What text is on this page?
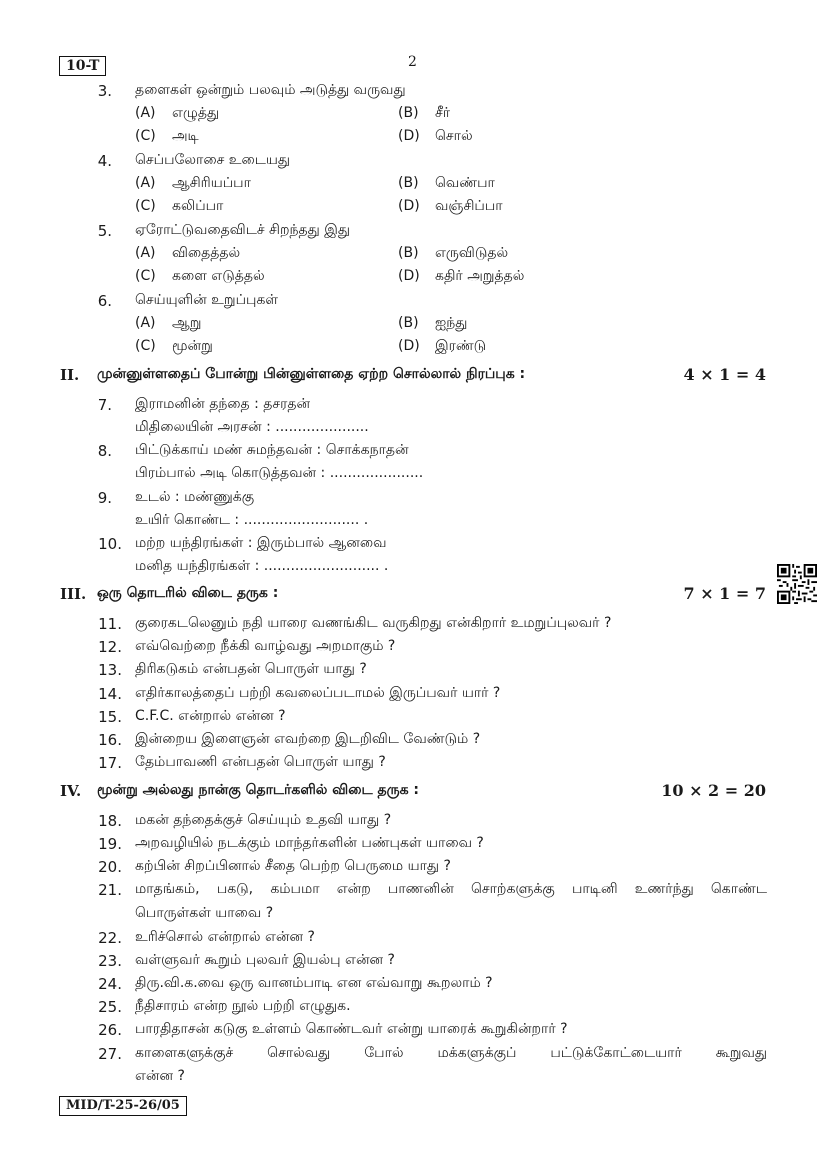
10-T	2
3. தளைகள் ஒன்றும் பலவும் அடுத்து வருவது
(A) எழுத்து	(B) சீர்
(C) அடி	(D) சொல்
4. செப்பலோசை உடையது
(A) ஆசிரியப்பா	(B) வெண்பா
(C) கலிப்பா	(D) வஞ்சிப்பா
5. ஏரோட்டுவதைவிடச் சிறந்தது இது
(A) விதைத்தல்	(B) எருவிடுதல்
(C) களை எடுத்தல்	(D) கதிர் அறுத்தல்
6. செய்யுளின் உறுப்புகள்
(A) ஆறு	(B) ஐந்து
(C) மூன்று	(D) இரண்டு
II. முன்னுள்ளதைப் போன்று பின்னுள்ளதை ஏற்ற சொல்லால் நிரப்புக :	4 × 1 = 4
7. இராமனின் தந்தை : தசரதன்
மிதிலையின் அரசன் : .....................
8. பிட்டுக்காய் மண் சுமந்தவன் : சொக்கநாதன்
பிரம்பால் அடி கொடுத்தவன் : .....................
9. உடல் : மண்ணுக்கு
உயிர் கொண்ட : .......................... .
10. மற்ற யந்திரங்கள் : இரும்பால் ஆனவை
மனித யந்திரங்கள் : .......................... .
III. ஒரு தொடரில் விடை தருக :	7 × 1 = 7
11. குரைகடலெனும் நதி யாரை வணங்கிட வருகிறது என்கிறார் உமறுப்புலவர் ?
12. எவ்வெற்றை நீக்கி வாழ்வது அறமாகும் ?
13. திரிகடுகம் என்பதன் பொருள் யாது ?
14. எதிர்காலத்தைப் பற்றி கவலைப்படாமல் இருப்பவர் யார் ?
15. C.F.C. என்றால் என்ன ?
16. இன்றைய இளைஞன் எவற்றை இடறிவிட வேண்டும் ?
17. தேம்பாவணி என்பதன் பொருள் யாது ?
IV. மூன்று அல்லது நான்கு தொடர்களில் விடை தருக :	10 × 2 = 20
18. மகன் தந்தைக்குச் செய்யும் உதவி யாது ?
19. அறவழியில் நடக்கும் மாந்தர்களின் பண்புகள் யாவை ?
20. கற்பின் சிறப்பினால் சீதை பெற்ற பெருமை யாது ?
21. மாதங்கம், பகடு, கம்பமா என்ற பாணனின் சொற்களுக்கு பாடினி உணர்ந்து கொண்ட
பொருள்கள் யாவை ?
22. உரிச்சொல் என்றால் என்ன ?
23. வள்ளுவர் கூறும் புலவர் இயல்பு என்ன ?
24. திரு.வி.க.வை ஒரு வானம்பாடி என எவ்வாறு கூறலாம் ?
25. நீதிசாரம் என்ற நூல் பற்றி எழுதுக.
26. பாரதிதாசன் கடுகு உள்ளம் கொண்டவர் என்று யாரைக் கூறுகின்றார் ?
27. காளைகளுக்குச் சொல்வது போல் மக்களுக்குப் பட்டுக்கோட்டையார் கூறுவது
என்ன ?
MID/T-25-26/05
